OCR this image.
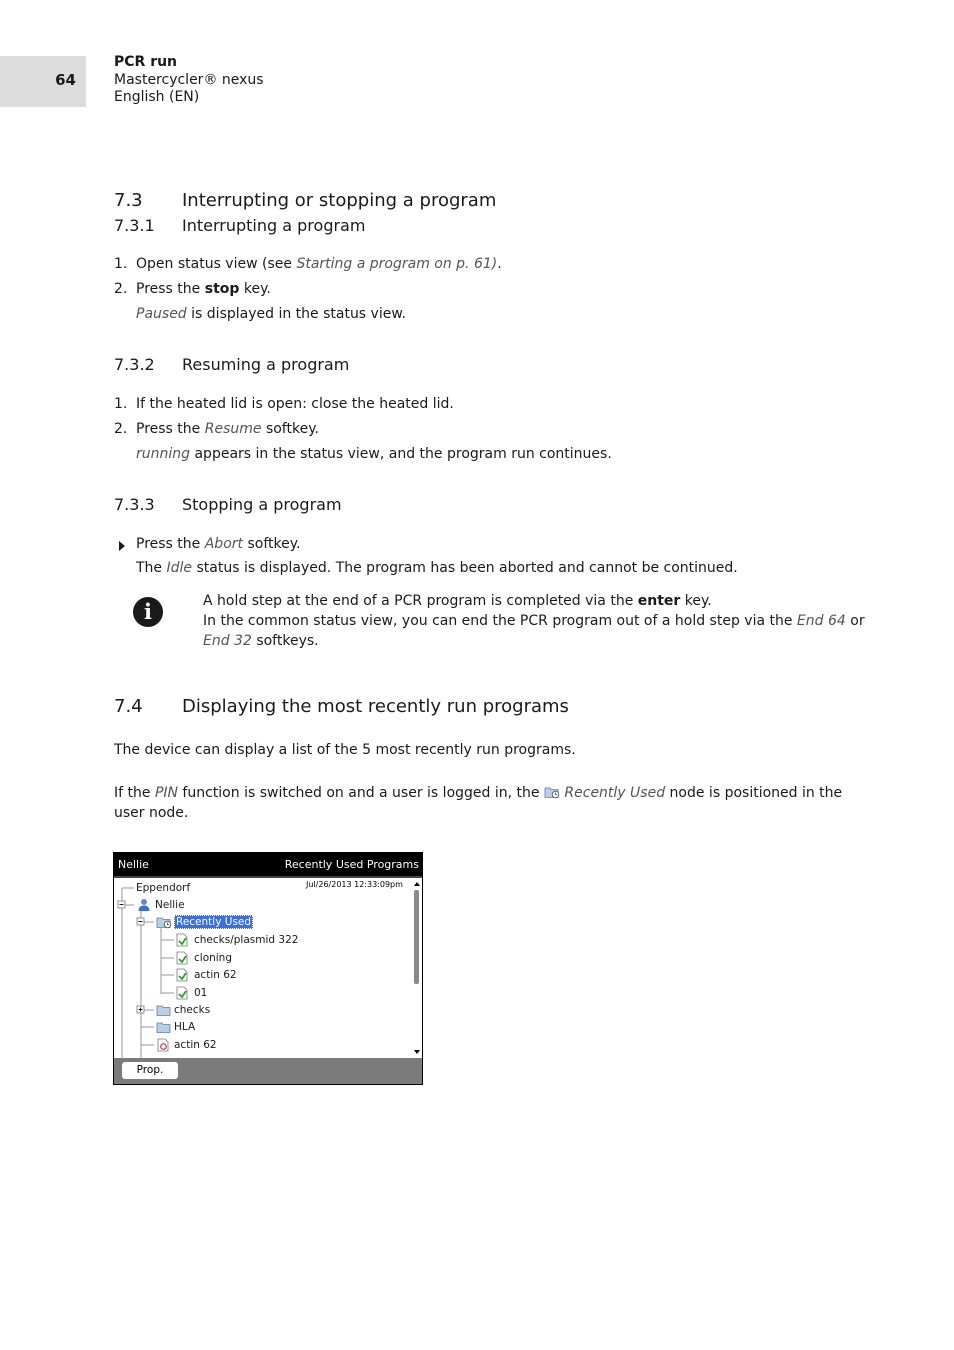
64
PCR run
Mastercycler® nexus
English (EN)
7.3 Interrupting or stopping a program
7.3.1 Interrupting a program
1. Open status view (see Starting a program on p. 61).
2. Press the stop key.
Paused is displayed in the status view.
7.3.2 Resuming a program
1. If the heated lid is open: close the heated lid.
2. Press the Resume softkey.
running appears in the status view, and the program run continues.
7.3.3 Stopping a program
Press the Abort softkey.
The Idle status is displayed. The program has been aborted and cannot be continued.
i	A hold step at the end of a PCR program is completed via the enter key.
In the common status view, you can end the PCR program out of a hold step via the End 64 or
End 32 softkeys.
7.4 Displaying the most recently run programs
The device can display a list of the 5 most recently run programs.
If the PIN function is switched on and a user is logged in, the  Recently Used node is positioned in the
user node.
Nellie	Recently Used Programs
Jul/26/2013 12:33:09pm
Eppendorf
Nellie
Recently Used
checks/plasmid 322
cloning
actin 62
01
checks
HLA
actin 62
Prop.
